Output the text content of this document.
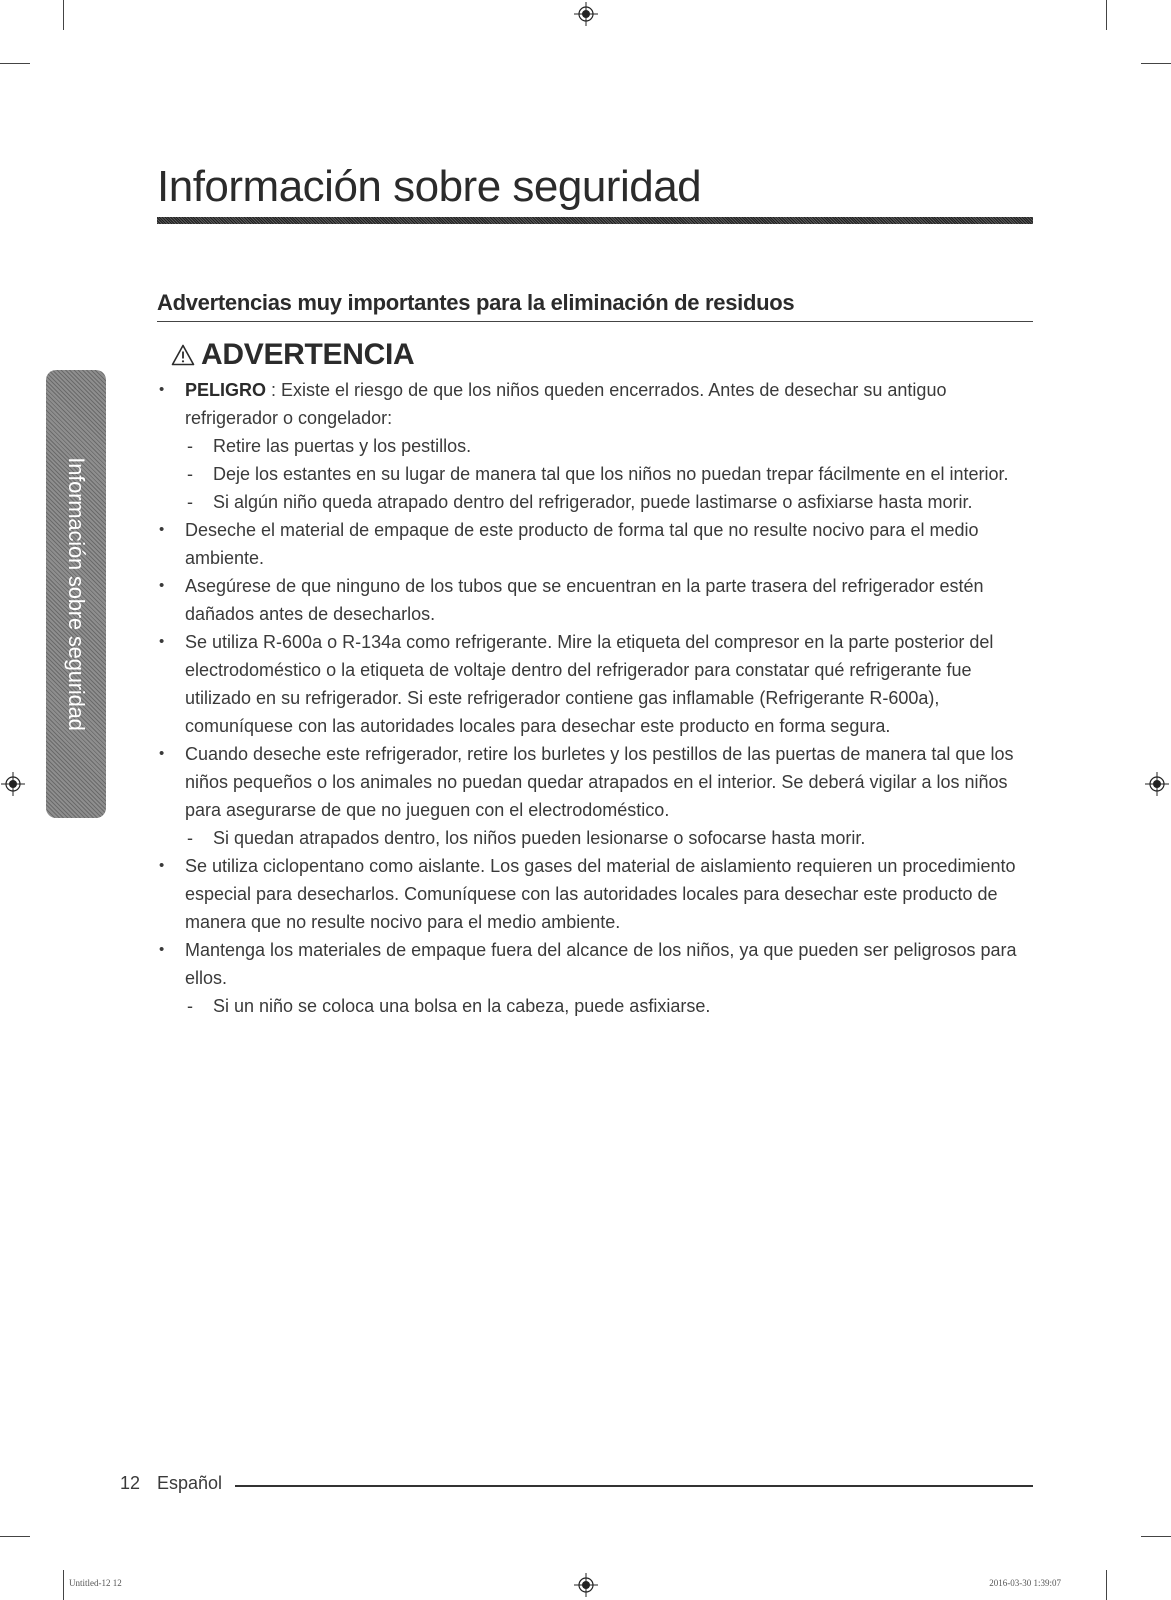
Información sobre seguridad
Información sobre seguridad
Advertencias muy importantes para la eliminación de residuos
ADVERTENCIA
• PELIGRO : Existe el riesgo de que los niños queden encerrados. Antes de desechar su antiguo refrigerador o congelador:
- Retire las puertas y los pestillos.
- Deje los estantes en su lugar de manera tal que los niños no puedan trepar fácilmente en el interior.
- Si algún niño queda atrapado dentro del refrigerador, puede lastimarse o asfixiarse hasta morir.
• Deseche el material de empaque de este producto de forma tal que no resulte nocivo para el medio ambiente.
• Asegúrese de que ninguno de los tubos que se encuentran en la parte trasera del refrigerador estén dañados antes de desecharlos.
• Se utiliza R-600a o R-134a como refrigerante. Mire la etiqueta del compresor en la parte posterior del electrodoméstico o la etiqueta de voltaje dentro del refrigerador para constatar qué refrigerante fue utilizado en su refrigerador. Si este refrigerador contiene gas inflamable (Refrigerante R-600a), comuníquese con las autoridades locales para desechar este producto en forma segura.
• Cuando deseche este refrigerador, retire los burletes y los pestillos de las puertas de manera tal que los niños pequeños o los animales no puedan quedar atrapados en el interior. Se deberá vigilar a los niños para asegurarse de que no jueguen con el electrodoméstico.
- Si quedan atrapados dentro, los niños pueden lesionarse o sofocarse hasta morir.
• Se utiliza ciclopentano como aislante. Los gases del material de aislamiento requieren un procedimiento especial para desecharlos. Comuníquese con las autoridades locales para desechar este producto de manera que no resulte nocivo para el medio ambiente.
• Mantenga los materiales de empaque fuera del alcance de los niños, ya que pueden ser peligrosos para ellos.
- Si un niño se coloca una bolsa en la cabeza, puede asfixiarse.
12 Español
Untitled-12 12	2016-03-30 1:39:07
